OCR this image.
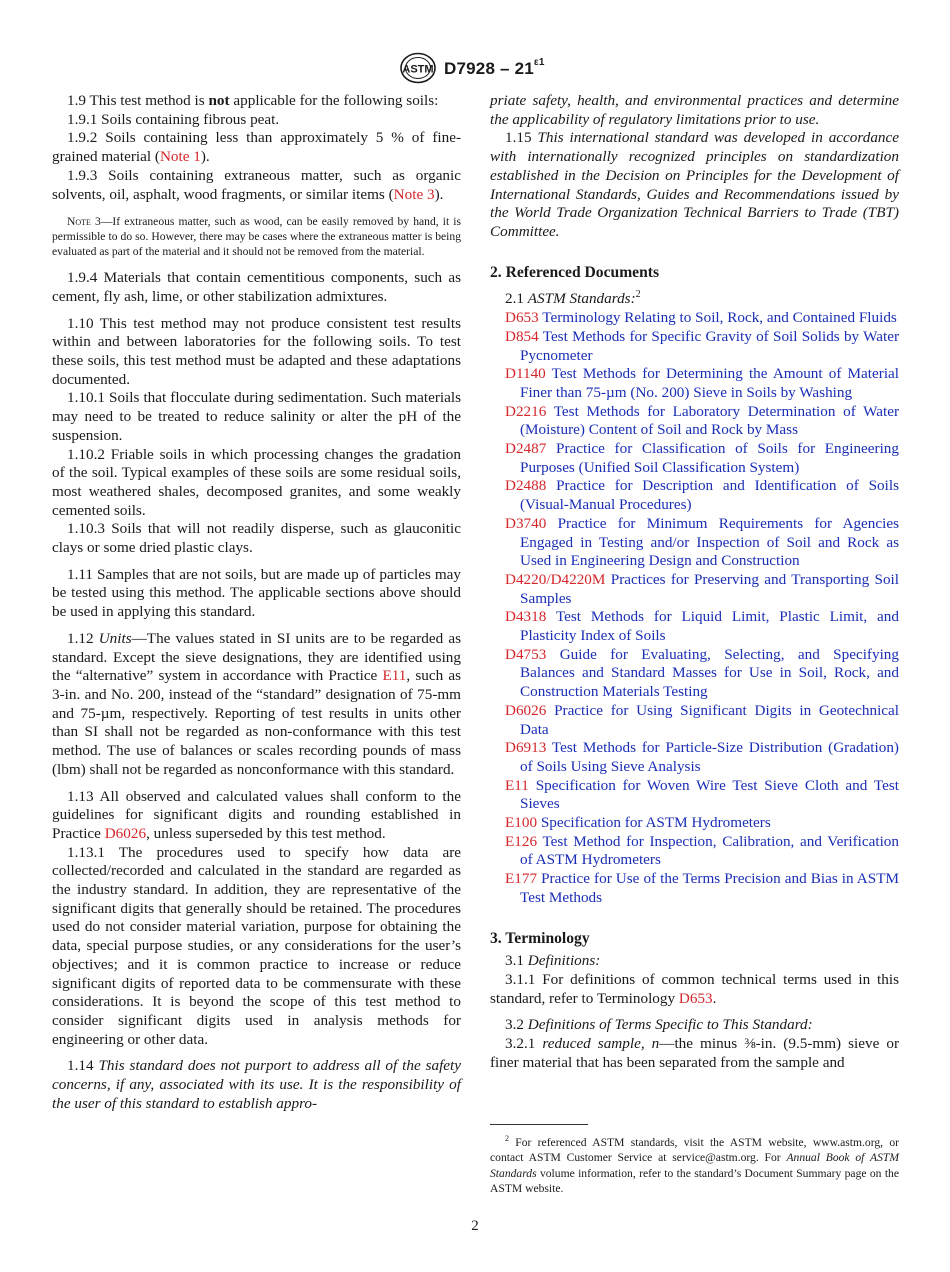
ASTM $D7928 - 21^{\varepsilon 1}$

1.9 This test method is not applicable for the following soils:

1.9.1 Soils containing fibrous peat.

1.9.2 Soils containing less than approximately 5 % of fine-grained material (Note 1).

1.9.3 Soils containing extraneous matter, such as organic solvents, oil, asphalt, wood fragments, or similar items (Note 3).

Note 3—If extraneous matter, such as wood, can be easily removed by hand, it is permissible to do so. However, there may be cases where the extraneous matter is being evaluated as part of the material and it should not be removed from the material.

1.9.4 Materials that contain cementitious components, such as cement, fly ash, lime, or other stabilization admixtures.

1.10 This test method may not produce consistent test results within and between laboratories for the following soils. To test these soils, this test method must be adapted and these adaptations documented.

1.10.1 Soils that flocculate during sedimentation. Such materials may need to be treated to reduce salinity or alter the pH of the suspension.

1.10.2 Friable soils in which processing changes the gradation of the soil. Typical examples of these soils are some residual soils, most weathered shales, decomposed granites, and some weakly cemented soils.

1.10.3 Soils that will not readily disperse, such as glauconitic clays or some dried plastic clays.

1.11 Samples that are not soils, but are made up of particles may be tested using this method. The applicable sections above should be used in applying this standard.

1.12 Units—The values stated in SI units are to be regarded as standard. Except the sieve designations, they are identified using the “alternative” system in accordance with Practice E11, such as 3-in. and No. 200, instead of the “standard” designation of 75-mm and 75-µm, respectively. Reporting of test results in units other than SI shall not be regarded as non-conformance with this test method. The use of balances or scales recording pounds of mass (lbm) shall not be regarded as nonconformance with this standard.

1.13 All observed and calculated values shall conform to the guidelines for significant digits and rounding established in Practice D6026, unless superseded by this test method.

1.13.1 The procedures used to specify how data are collected/recorded and calculated in the standard are regarded as the industry standard. In addition, they are representative of the significant digits that generally should be retained. The procedures used do not consider material variation, purpose for obtaining the data, special purpose studies, or any considerations for the user’s objectives; and it is common practice to increase or reduce significant digits of reported data to be commensurate with these considerations. It is beyond the scope of this test method to consider significant digits used in analysis methods for engineering or other data.

1.14 This standard does not purport to address all of the safety concerns, if any, associated with its use. It is the responsibility of the user of this standard to establish appro-

priate safety, health, and environmental practices and determine the applicability of regulatory limitations prior to use.

1.15 This international standard was developed in accordance with internationally recognized principles on standardization established in the Decision on Principles for the Development of International Standards, Guides and Recommendations issued by the World Trade Organization Technical Barriers to Trade (TBT) Committee.

2. Referenced Documents

2.1 ASTM Standards:$^2$

D653 Terminology Relating to Soil, Rock, and Contained Fluids

D854 Test Methods for Specific Gravity of Soil Solids by Water Pycnometer

D1140 Test Methods for Determining the Amount of Material Finer than 75-µm (No. 200) Sieve in Soils by Washing

D2216 Test Methods for Laboratory Determination of Water (Moisture) Content of Soil and Rock by Mass

D2487 Practice for Classification of Soils for Engineering Purposes (Unified Soil Classification System)

D2488 Practice for Description and Identification of Soils (Visual-Manual Procedures)

D3740 Practice for Minimum Requirements for Agencies Engaged in Testing and/or Inspection of Soil and Rock as Used in Engineering Design and Construction

D4220/D4220M Practices for Preserving and Transporting Soil Samples

D4318 Test Methods for Liquid Limit, Plastic Limit, and Plasticity Index of Soils

D4753 Guide for Evaluating, Selecting, and Specifying Balances and Standard Masses for Use in Soil, Rock, and Construction Materials Testing

D6026 Practice for Using Significant Digits in Geotechnical Data

D6913 Test Methods for Particle-Size Distribution (Gradation) of Soils Using Sieve Analysis

E11 Specification for Woven Wire Test Sieve Cloth and Test Sieves

E100 Specification for ASTM Hydrometers

E126 Test Method for Inspection, Calibration, and Verification of ASTM Hydrometers

E177 Practice for Use of the Terms Precision and Bias in ASTM Test Methods

3. Terminology

3.1 Definitions:

3.1.1 For definitions of common technical terms used in this standard, refer to Terminology D653.

3.2 Definitions of Terms Specific to This Standard:

3.2.1 reduced sample, n—the minus ⅜-in. (9.5-mm) sieve or finer material that has been separated from the sample and

$^2$ For referenced ASTM standards, visit the ASTM website, www.astm.org, or contact ASTM Customer Service at service@astm.org. For Annual Book of ASTM Standards volume information, refer to the standard’s Document Summary page on the ASTM website.

2
